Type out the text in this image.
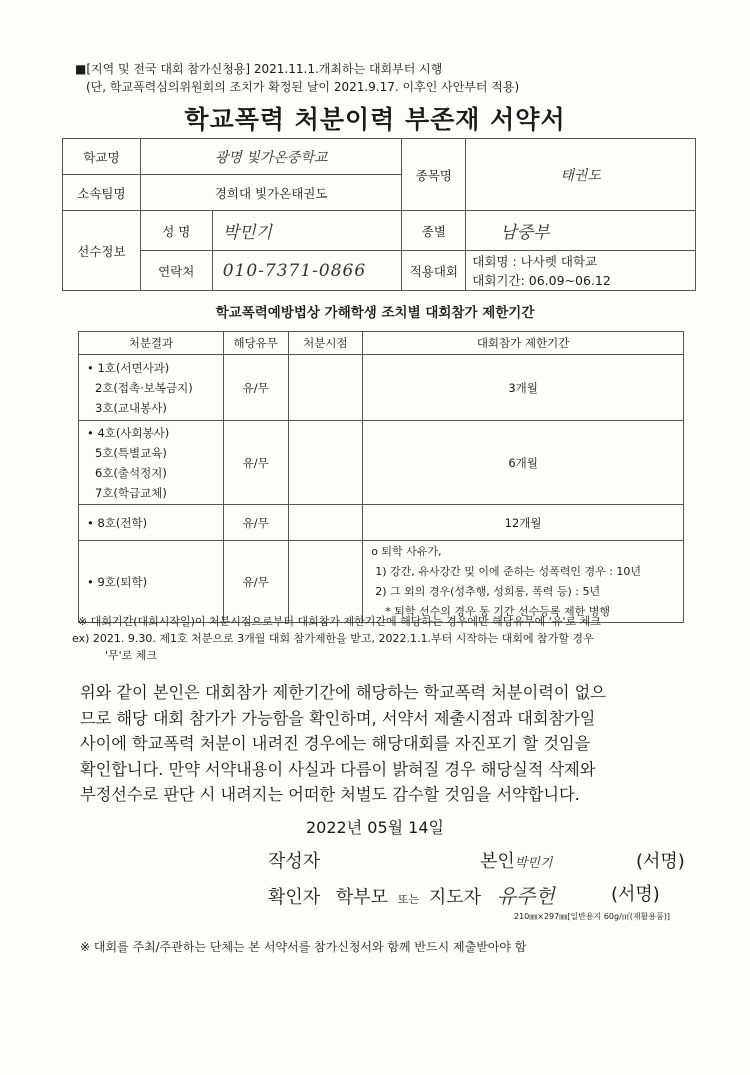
■[지역 및 전국 대회 참가신청용] 2021.11.1.개최하는 대회부터 시행
(단, 학교폭력심의위원회의 조치가 확정된 날이 2021.9.17. 이후인 사안부터 적용)
학교폭력 처분이력 부존재 서약서
학교명	광명 빛가온중학교		종목명	태권도
소속팀명	경희대 빛가온태권도			
선수정보	성 명	박민기	종별	남중부
	연락처	010-7371-0866	적용대회	대회명 : 나사렛 대학교
대회기간: 06.09~06.12
학교폭력예방법상 가해학생 조치별 대회참가 제한기간
처분결과	해당유무	처분시점	대회참가 제한기간

• 1호(서면사과)
2호(접촉·보복금지)
3호(교내봉사)	유/무		3개월

• 4호(사회봉사)
5호(특별교육)
6호(출석정지)
7호(학급교체)	유/무		6개월
• 8호(전학)	유/무		12개월
• 9호(퇴학)	유/무		o 퇴학 사유가,
1) 강간, 유사강간 및 이에 준하는 성폭력인 경우 : 10년
2) 그 외의 경우(성추행, 성희롱, 폭력 등) : 5년
* 퇴학 선수의 경우 동 기간 선수등록 제한 병행
※ 대회기간(대회시작일)이 처분시점으로부터 대회참가 제한기간에 해당하는 경우에만 해당유무에 '유'로 체크
ex) 2021. 9.30. 제1호 처분으로 3개월 대회 참가제한을 받고, 2022.1.1.부터 시작하는 대회에 참가할 경우
'무'로 체크
위와 같이 본인은 대회참가 제한기간에 해당하는 학교폭력 처분이력이 없으
므로 해당 대회 참가가 가능함을 확인하며, 서약서 제출시점과 대회참가일
사이에 학교폭력 처분이 내려진 경우에는 해당대회를 자진포기 할 것임을
확인합니다. 만약 서약내용이 사실과 다름이 밝혀질 경우 해당실적 삭제와
부정선수로 판단 시 내려지는 어떠한 처벌도 감수할 것임을 서약합니다.
2022년 05월 14일
작성자	본인박민기	(서명)
확인자 학부모 또는 지도자 유주헌	(서명)
210㎜×297㎜[일반용지 60g/㎡(재활용품)]
※ 대회를 주최/주관하는 단체는 본 서약서를 참가신청서와 함께 반드시 제출받아야 함
